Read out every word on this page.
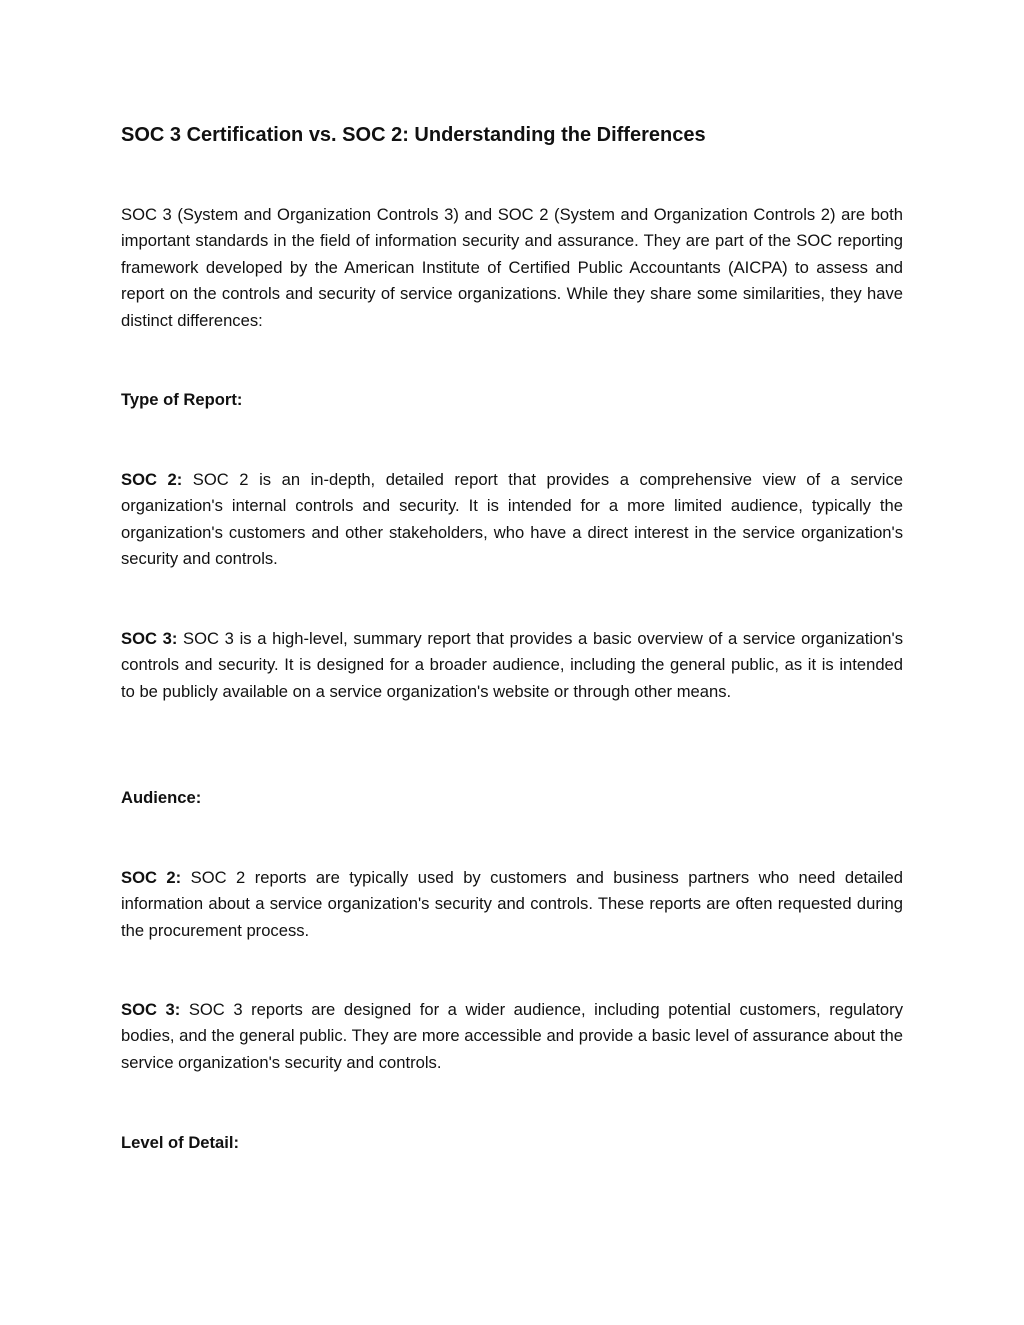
SOC 3 Certification vs. SOC 2: Understanding the Differences

SOC 3 (System and Organization Controls 3) and SOC 2 (System and Organization Controls 2) are both important standards in the field of information security and assurance. They are part of the SOC reporting framework developed by the American Institute of Certified Public Accountants (AICPA) to assess and report on the controls and security of service organizations. While they share some similarities, they have distinct differences:

Type of Report:

SOC 2: SOC 2 is an in-depth, detailed report that provides a comprehensive view of a service organization's internal controls and security. It is intended for a more limited audience, typically the organization's customers and other stakeholders, who have a direct interest in the service organization's security and controls.

SOC 3: SOC 3 is a high-level, summary report that provides a basic overview of a service organization's controls and security. It is designed for a broader audience, including the general public, as it is intended to be publicly available on a service organization's website or through other means.

Audience:

SOC 2: SOC 2 reports are typically used by customers and business partners who need detailed information about a service organization's security and controls. These reports are often requested during the procurement process.

SOC 3: SOC 3 reports are designed for a wider audience, including potential customers, regulatory bodies, and the general public. They are more accessible and provide a basic level of assurance about the service organization's security and controls.

Level of Detail:
